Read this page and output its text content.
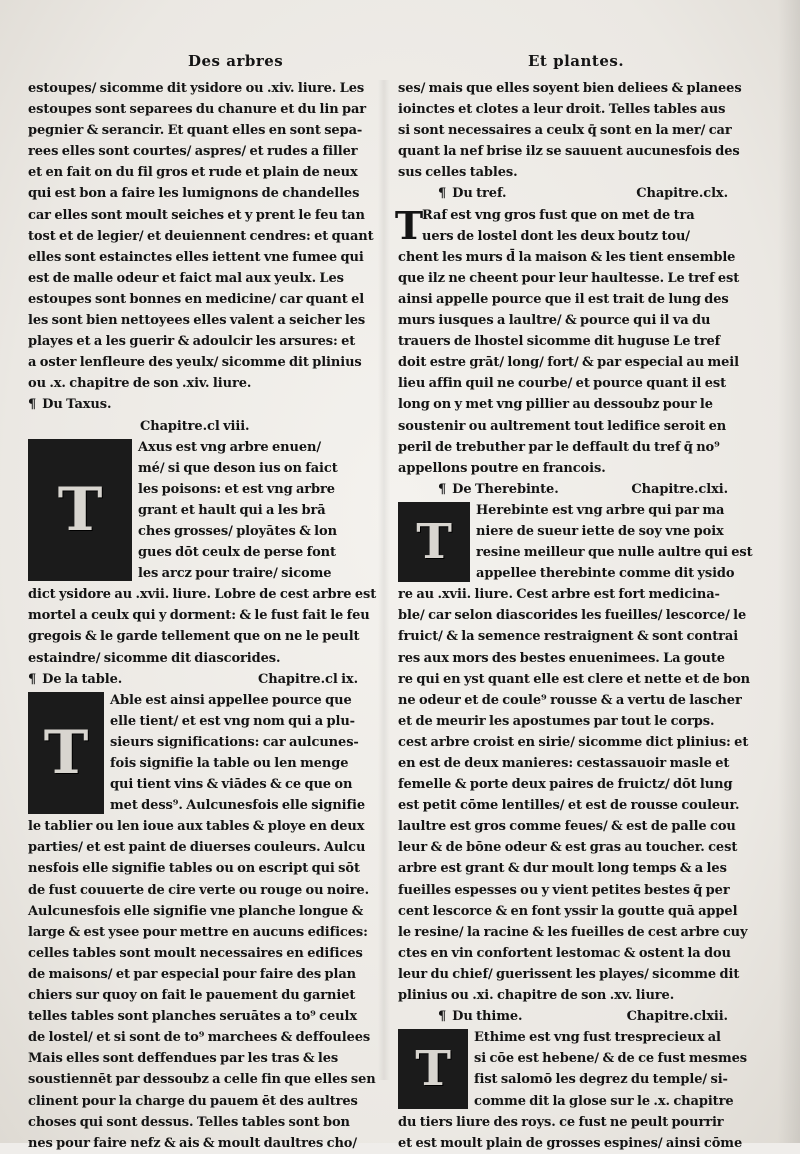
Des arbres	Et plantes.
estoupes/ sicomme dit ysidore ou .xiv. liure. Les
estoupes sont separees du chanure et du lin par
pegnier & serancir. Et quant elles en sont sepa-
rees elles sont courtes/ aspres/ et rudes a filler
et en fait on du fil gros et rude et plain de neux
qui est bon a faire les lumignons de chandelles
car elles sont moult seiches et y prent le feu tan
tost et de legier/ et deuiennent cendres: et quant
elles sont estainctes elles iettent vne fumee qui
est de malle odeur et faict mal aux yeulx. Les
estoupes sont bonnes en medicine/ car quant el
les sont bien nettoyees elles valent a seicher les
playes et a les guerir & adoulcir les arsures: et
a oster lenfleure des yeulx/ sicomme dit plinius
ou .x. chapitre de son .xiv. liure.
¶ Du Taxus.
Chapitre.cl viii.
T
Axus est vng arbre enuen/
mé/ si que deson ius on faict
les poisons: et est vng arbre
grant et hault qui a les brā
ches grosses/ ployātes & lon
gues dōt ceulx de perse font
les arcz pour traire/ sicome
dict ysidore au .xvii. liure. Lobre de cest arbre est
mortel a ceulx qui y dorment: & le fust fait le feu
gregois & le garde tellement que on ne le peult
estaindre/ sicomme dit diascorides.
¶ De la table.	Chapitre.cl ix.
T
Able est ainsi appellee pource que
elle tient/ et est vng nom qui a plu-
sieurs significations: car aulcunes-
fois signifie la table ou len menge
qui tient vins & viādes & ce que on
met dess⁹. Aulcunesfois elle signifie
le tablier ou len ioue aux tables & ploye en deux
parties/ et est paint de diuerses couleurs. Aulcu
nesfois elle signifie tables ou on escript qui sōt
de fust couuerte de cire verte ou rouge ou noire.
Aulcunesfois elle signifie vne planche longue &
large & est ysee pour mettre en aucuns edifices:
celles tables sont moult necessaires en edifices
de maisons/ et par especial pour faire des plan
chiers sur quoy on fait le pauement du garniet
telles tables sont planches seruātes a to⁹ ceulx
de lostel/ et si sont de to⁹ marchees & deffoulees
Mais elles sont deffendues par les tras & les
soustiennēt par dessoubz a celle fin que elles sen
clinent pour la charge du pauem ēt des aultres
choses qui sont dessus. Telles tables sont bon
nes pour faire nefz & ais & moult daultres cho/
ses/ mais que elles soyent bien deliees & planees
ioinctes et clotes a leur droit. Telles tables aus
si sont necessaires a ceulx q̄ sont en la mer/ car
quant la nef brise ilz se sauuent aucunesfois des
sus celles tables.
¶ Du tref.	Chapitre.clx.
T
Raf est vng gros fust que on met de tra
uers de lostel dont les deux boutz tou/
chent les murs d̄ la maison & les tient ensemble
que ilz ne cheent pour leur haultesse. Le tref est
ainsi appelle pource que il est trait de lung des
murs iusques a laultre/ & pource qui il va du
trauers de lhostel sicomme dit huguse Le tref
doit estre grāt/ long/ fort/ & par especial au meil
lieu affin quil ne courbe/ et pource quant il est
long on y met vng pillier au dessoubz pour le
soustenir ou aultrement tout ledifice seroit en
peril de trebuther par le deffault du tref q̄ no⁹
appellons poutre en francois.
¶ De Therebinte.	Chapitre.clxi.
T
Herebinte est vng arbre qui par ma
niere de sueur iette de soy vne poix
resine meilleur que nulle aultre qui est
appellee therebinte comme dit ysido
re au .xvii. liure. Cest arbre est fort medicina-
ble/ car selon diascorides les fueilles/ lescorce/ le
fruict/ & la semence restraignent & sont contrai
res aux mors des bestes enuenimees. La goute
re qui en yst quant elle est clere et nette et de bon
ne odeur et de coule⁹ rousse & a vertu de lascher
et de meurir les apostumes par tout le corps.
cest arbre croist en sirie/ sicomme dict plinius: et
en est de deux manieres: cestassauoir masle et
femelle & porte deux paires de fruictz/ dōt lung
est petit cōme lentilles/ et est de rousse couleur.
laultre est gros comme feues/ & est de palle cou
leur & de bōne odeur & est gras au toucher. cest
arbre est grant & dur moult long temps & a les
fueilles espesses ou y vient petites bestes q̄ per
cent lescorce & en font yssir la goutte quā appel
le resine/ la racine & les fueilles de cest arbre cuy
ctes en vin confortent lestomac & ostent la dou
leur du chief/ guerissent les playes/ sicomme dit
plinius ou .xi. chapitre de son .xv. liure.
¶ Du thime.	Chapitre.clxii.
T
Ethime est vng fust tresprecieux al
si cōe est hebene/ & de ce fust mesmes
fist salomō les degrez du temple/ si-
comme dit la glose sur le .x. chapitre
du tiers liure des roys. ce fust ne peult pourrir
et est moult plain de grosses espines/ ainsi cōme
